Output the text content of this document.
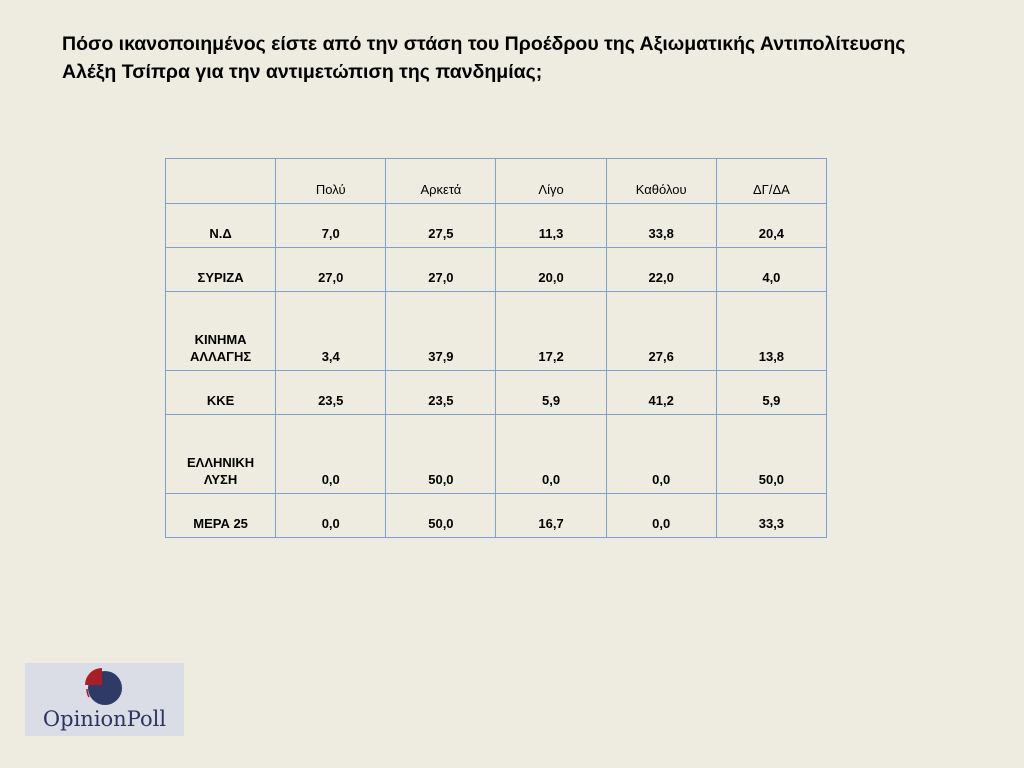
Πόσο ικανοποιημένος είστε από την στάση του Προέδρου της Αξιωματικής Αντιπολίτευσης
Αλέξη Τσίπρα για την αντιμετώπιση της πανδημίας;
	Πολύ	Αρκετά	Λίγο	Καθόλου	ΔΓ/ΔΑ
Ν.Δ	7,0	27,5	11,3	33,8	20,4
ΣΥΡΙΖΑ	27,0	27,0	20,0	22,0	4,0
ΚΙΝΗΜΑ ΑΛΛΑΓΗΣ	3,4	37,9	17,2	27,6	13,8
ΚΚΕ	23,5	23,5	5,9	41,2	5,9
ΕΛΛΗΝΙΚΗ ΛΥΣΗ	0,0	50,0	0,0	0,0	50,0
ΜΕΡΑ 25	0,0	50,0	16,7	0,0	33,3
OpinionPoll
